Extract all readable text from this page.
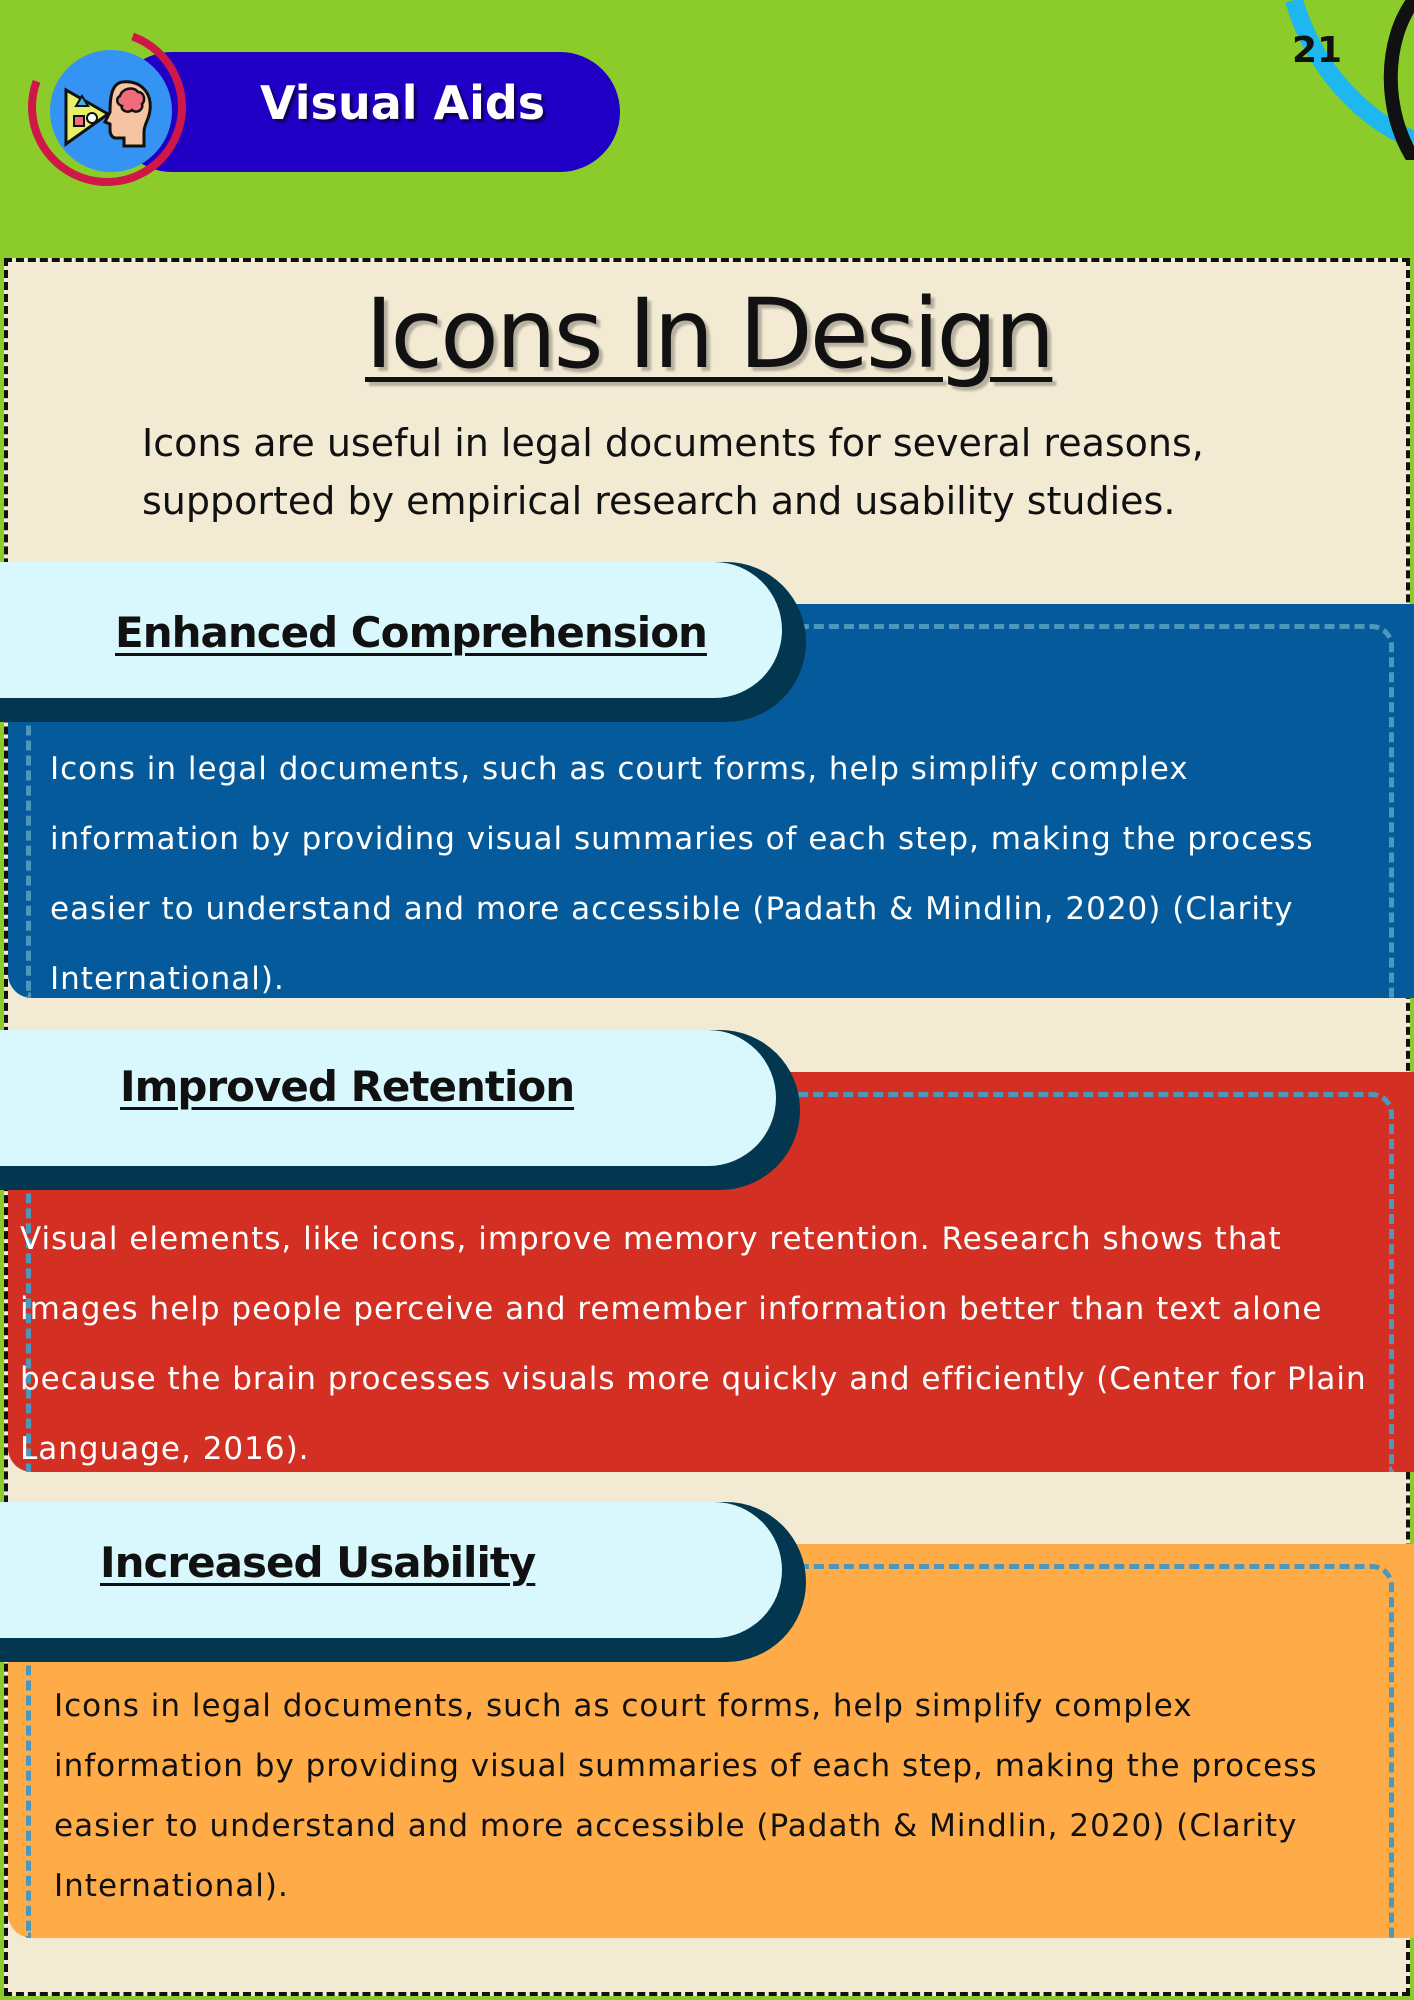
Visual Aids
21
Icons In Design
Icons are useful in legal documents for several reasons, supported by empirical research and usability studies.
Enhanced Comprehension
Icons in legal documents, such as court forms, help simplify complex information by providing visual summaries of each step, making the process easier to understand and more accessible (Padath & Mindlin, 2020) (Clarity International).
Improved Retention
Visual elements, like icons, improve memory retention. Research shows that images help people perceive and remember information better than text alone because the brain processes visuals more quickly and efficiently (Center for Plain Language, 2016).
Increased Usability
Icons in legal documents, such as court forms, help simplify complex information by providing visual summaries of each step, making the process easier to understand and more accessible (Padath & Mindlin, 2020) (Clarity International).
